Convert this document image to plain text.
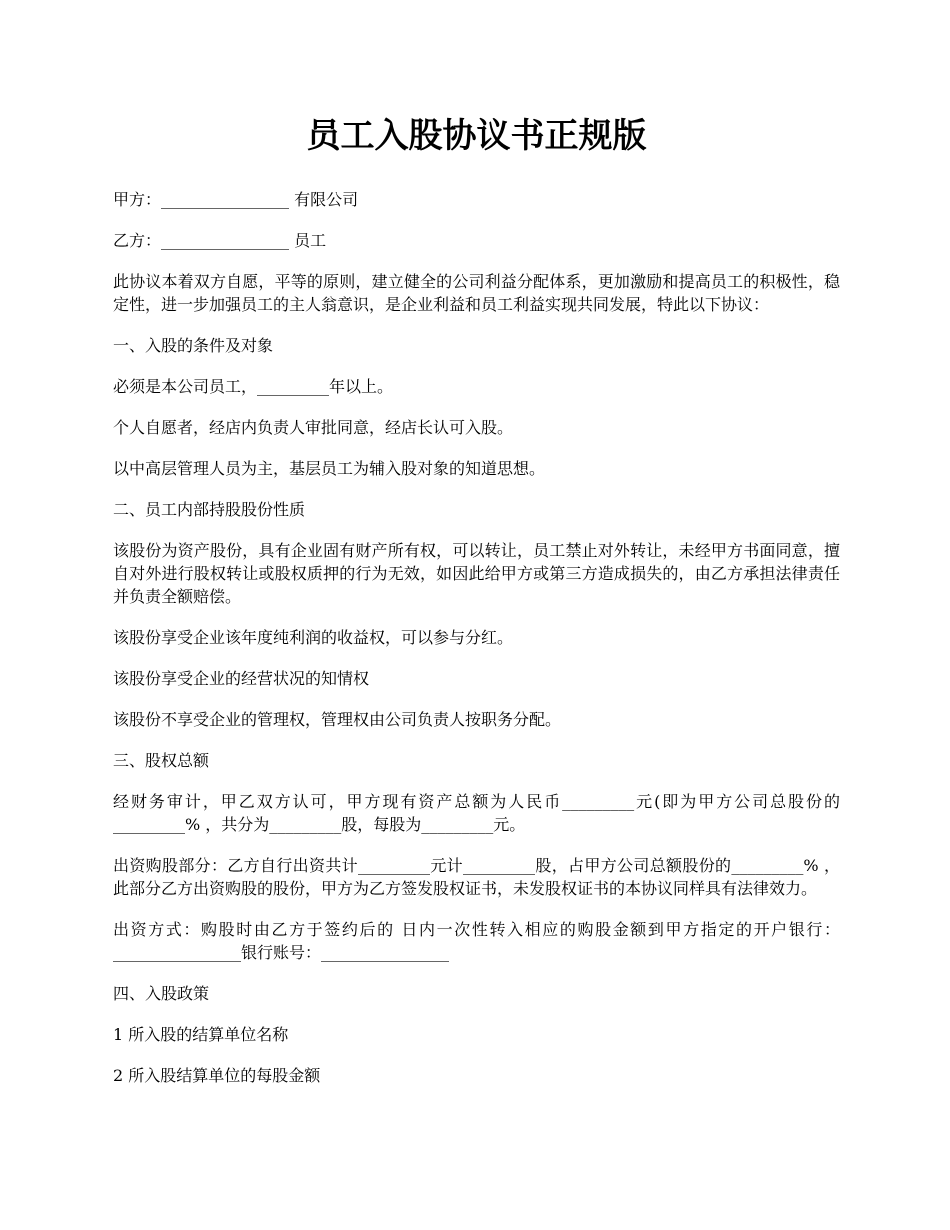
员工入股协议书正规版

甲方：________________ 有限公司

乙方：________________ 员工

此协议本着双方自愿，平等的原则，建立健全的公司利益分配体系，更加激励和提高员工的积极性，稳定性，进一步加强员工的主人翁意识，是企业利益和员工利益实现共同发展，特此以下协议：

一、入股的条件及对象

必须是本公司员工，_________年以上。

个人自愿者，经店内负责人审批同意，经店长认可入股。

以中高层管理人员为主，基层员工为辅入股对象的知道思想。

二、员工内部持股股份性质

该股份为资产股份，具有企业固有财产所有权，可以转让，员工禁止对外转让，未经甲方书面同意，擅自对外进行股权转让或股权质押的行为无效，如因此给甲方或第三方造成损失的，由乙方承担法律责任并负责全额赔偿。

该股份享受企业该年度纯利润的收益权，可以参与分红。

该股份享受企业的经营状况的知情权

该股份不享受企业的管理权，管理权由公司负责人按职务分配。

三、股权总额

经财务审计，甲乙双方认可，甲方现有资产总额为人民币_________元(即为甲方公司总股份的 _________% ，共分为_________股，每股为_________元。

出资购股部分：乙方自行出资共计_________元计_________股，占甲方公司总额股份的_________% ，此部分乙方出资购股的股份，甲方为乙方签发股权证书，未发股权证书的本协议同样具有法律效力。

出资方式：购股时由乙方于签约后的 日内一次性转入相应的购股金额到甲方指定的开户银行：________________银行账号：________________

四、入股政策

1 所入股的结算单位名称

2 所入股结算单位的每股金额
